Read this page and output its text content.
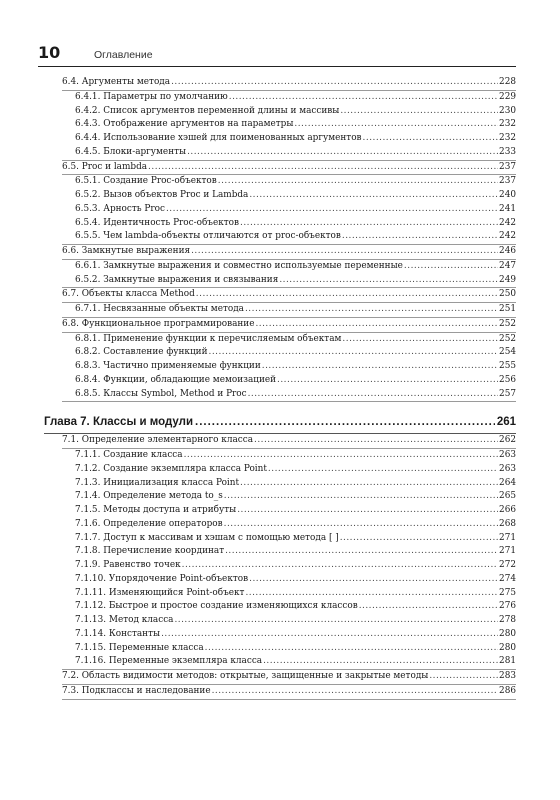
10	Оглавление
6.4. Аргументы метода .....	228
6.4.1. Параметры по умолчанию .....	229
6.4.2. Список аргументов переменной длины и массивы .....	230
6.4.3. Отображение аргументов на параметры .....	232
6.4.4. Использование хэшей для поименованных аргументов .....	232
6.4.5. Блоки-аргументы .....	233
6.5. Proc и lambda .....	237
6.5.1. Создание Proc-объектов .....	237
6.5.2. Вызов объектов Proc и Lambda .....	240
6.5.3. Арность Proc .....	241
6.5.4. Идентичность Proc-объектов .....	242
6.5.5. Чем lambda-объекты отличаются от proc-объектов .....	242
6.6. Замкнутые выражения .....	246
6.6.1. Замкнутые выражения и совместно используемые переменные .....	247
6.5.2. Замкнутые выражения и связывания .....	249
6.7. Объекты класса Method .....	250
6.7.1. Несвязанные объекты метода .....	251
6.8. Функциональное программирование .....	252
6.8.1. Применение функции к перечисляемым объектам .....	252
6.8.2. Составление функций .....	254
6.8.3. Частично применяемые функции .....	255
6.8.4. Функции, обладающие мемоизацией .....	256
6.8.5. Классы Symbol, Method и Proc .....	257
Глава 7. Классы и модули .....	261
7.1. Определение элементарного класса .....	262
7.1.1. Создание класса .....	263
7.1.2. Создание экземпляра класса Point .....	263
7.1.3. Инициализация класса Point .....	264
7.1.4. Определение метода to_s .....	265
7.1.5. Методы доступа и атрибуты .....	266
7.1.6. Определение операторов .....	268
7.1.7. Доступ к массивам и хэшам с помощью метода [ ] .....	271
7.1.8. Перечисление координат .....	271
7.1.9. Равенство точек .....	272
7.1.10. Упорядочение Point-объектов .....	274
7.1.11. Изменяющийся Point-объект .....	275
7.1.12. Быстрое и простое создание изменяющихся классов .....	276
7.1.13. Метод класса .....	278
7.1.14. Константы .....	280
7.1.15. Переменные класса .....	280
7.1.16. Переменные экземпляра класса .....	281
7.2. Область видимости методов: открытые, защищенные и закрытые методы .....	283
7.3. Подклассы и наследование .....	286
